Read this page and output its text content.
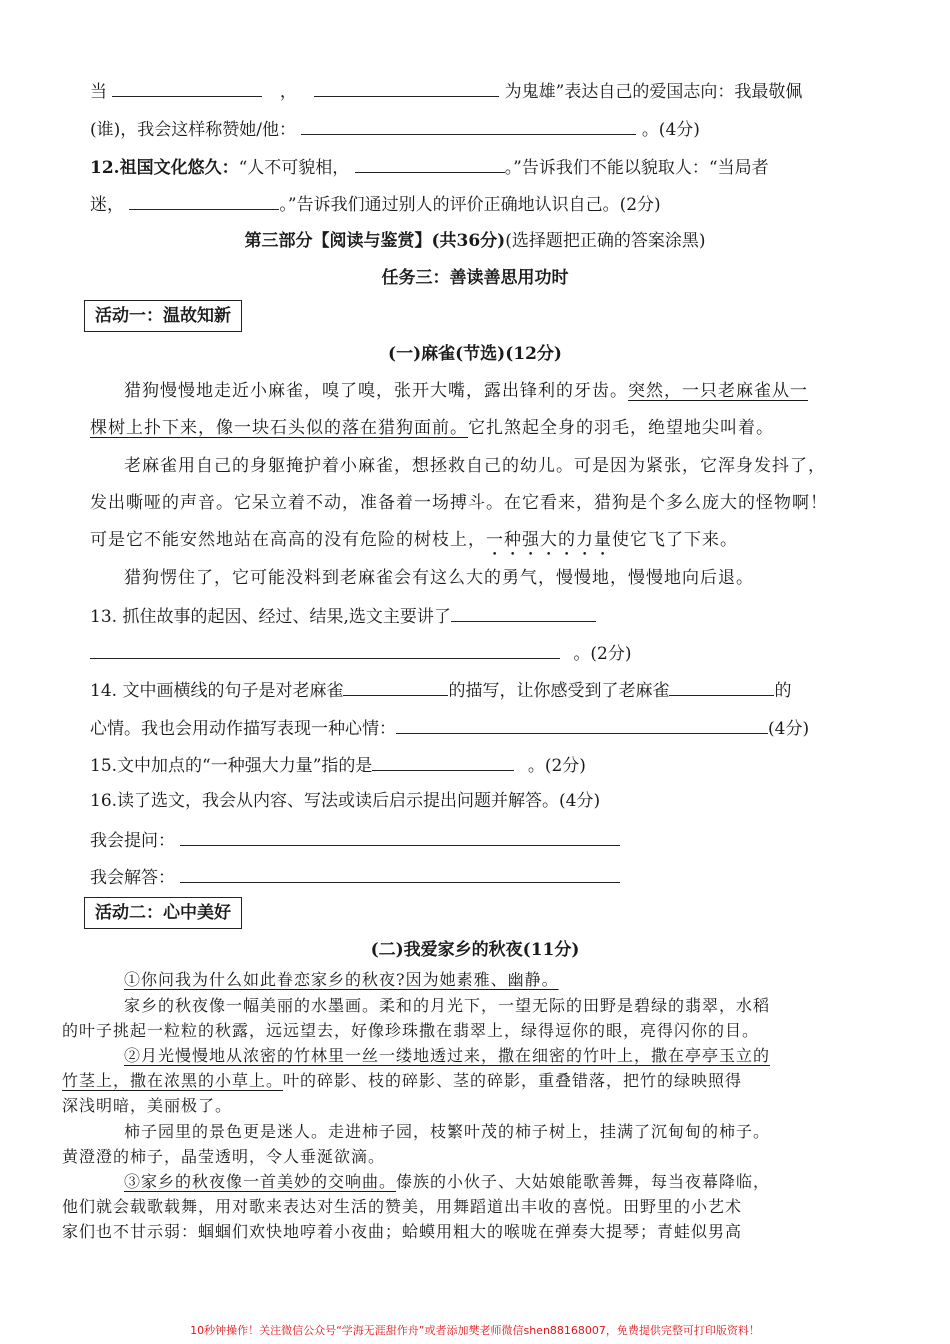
当	，	为鬼雄”表达自己的爱国志向：我最敬佩
(谁)，我会这样称赞她/他：	。(4分)
12.祖国文化悠久：“人不可貌相，	。”告诉我们不能以貌取人：“当局者
迷，	。”告诉我们通过别人的评价正确地认识自己。(2分)
第三部分【阅读与鉴赏】(共36分)(选择题把正确的答案涂黑)
任务三：善读善思用功时
活动一：温故知新
(一)麻雀(节选)(12分)
猎狗慢慢地走近小麻雀，嗅了嗅，张开大嘴，露出锋利的牙齿。突然，一只老麻雀从一
棵树上扑下来，像一块石头似的落在猎狗面前。它扎煞起全身的羽毛，绝望地尖叫着。
老麻雀用自己的身躯掩护着小麻雀，想拯救自己的幼儿。可是因为紧张，它浑身发抖了，
发出嘶哑的声音。它呆立着不动，准备着一场搏斗。在它看来，猎狗是个多么庞大的怪物啊！
可是它不能安然地站在高高的没有危险的树枝上，一种强大的力量使它飞了下来。
猎狗愣住了，它可能没料到老麻雀会有这么大的勇气，慢慢地，慢慢地向后退。
13. 抓住故事的起因、经过、结果,选文主要讲了
。(2分)
14. 文中画横线的句子是对老麻雀	的描写，让你感受到了老麻雀	的
心情。我也会用动作描写表现一种心情：	(4分)
15.文中加点的“一种强大力量”指的是	。(2分)
16.读了选文，我会从内容、写法或读后启示提出问题并解答。(4分)
我会提问：
我会解答：
活动二：心中美好
(二)我爱家乡的秋夜(11分)
①你问我为什么如此眷恋家乡的秋夜?因为她素雅、幽静。
家乡的秋夜像一幅美丽的水墨画。柔和的月光下，一望无际的田野是碧绿的翡翠，水稻
的叶子挑起一粒粒的秋露，远远望去，好像珍珠撒在翡翠上，绿得逗你的眼，亮得闪你的目。
②月光慢慢地从浓密的竹林里一丝一缕地透过来，撒在细密的竹叶上，撒在亭亭玉立的
竹茎上，撒在浓黑的小草上。叶的碎影、枝的碎影、茎的碎影，重叠错落，把竹的绿映照得
深浅明暗，美丽极了。
柿子园里的景色更是迷人。走进柿子园，枝繁叶茂的柿子树上，挂满了沉甸甸的柿子。
黄澄澄的柿子，晶莹透明，令人垂涎欲滴。
③家乡的秋夜像一首美妙的交响曲。傣族的小伙子、大姑娘能歌善舞，每当夜幕降临，
他们就会载歌载舞，用对歌来表达对生活的赞美，用舞蹈道出丰收的喜悦。田野里的小艺术
家们也不甘示弱：蝈蝈们欢快地哼着小夜曲；蛤蟆用粗大的喉咙在弹奏大提琴；青蛙似男高
10秒钟操作！关注微信公众号“学海无涯甜作舟”或者添加樊老师微信shen88168007，免费提供完整可打印版资料！
